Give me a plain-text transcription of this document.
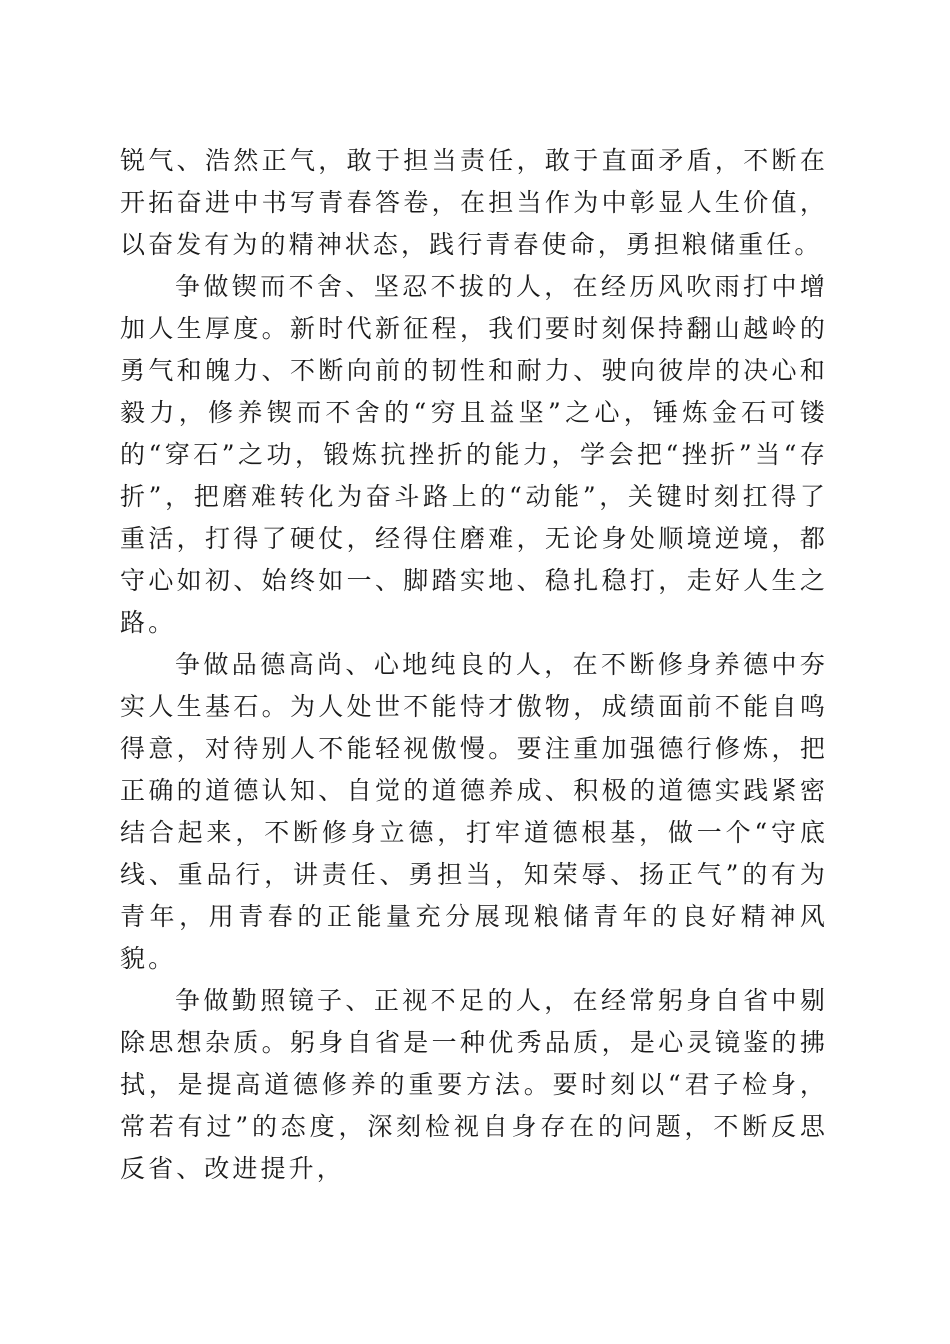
锐气、浩然正气，敢于担当责任，敢于直面矛盾，不断在开拓奋进中书写青春答卷，在担当作为中彰显人生价值，以奋发有为的精神状态，践行青春使命，勇担粮储重任。

争做锲而不舍、坚忍不拔的人，在经历风吹雨打中增加人生厚度。新时代新征程，我们要时刻保持翻山越岭的勇气和魄力、不断向前的韧性和耐力、驶向彼岸的决心和毅力，修养锲而不舍的“穷且益坚”之心，锤炼金石可镂的“穿石”之功，锻炼抗挫折的能力，学会把“挫折”当“存折”，把磨难转化为奋斗路上的“动能”，关键时刻扛得了重活，打得了硬仗，经得住磨难，无论身处顺境逆境，都守心如初、始终如一、脚踏实地、稳扎稳打，走好人生之路。

争做品德高尚、心地纯良的人，在不断修身养德中夯实人生基石。为人处世不能恃才傲物，成绩面前不能自鸣得意，对待别人不能轻视傲慢。要注重加强德行修炼，把正确的道德认知、自觉的道德养成、积极的道德实践紧密结合起来，不断修身立德，打牢道德根基，做一个“守底线、重品行，讲责任、勇担当，知荣辱、扬正气”的有为青年，用青春的正能量充分展现粮储青年的良好精神风貌。

争做勤照镜子、正视不足的人，在经常躬身自省中剔除思想杂质。躬身自省是一种优秀品质，是心灵镜鉴的拂拭，是提高道德修养的重要方法。要时刻以“君子检身，常若有过”的态度，深刻检视自身存在的问题，不断反思反省、改进提升，
